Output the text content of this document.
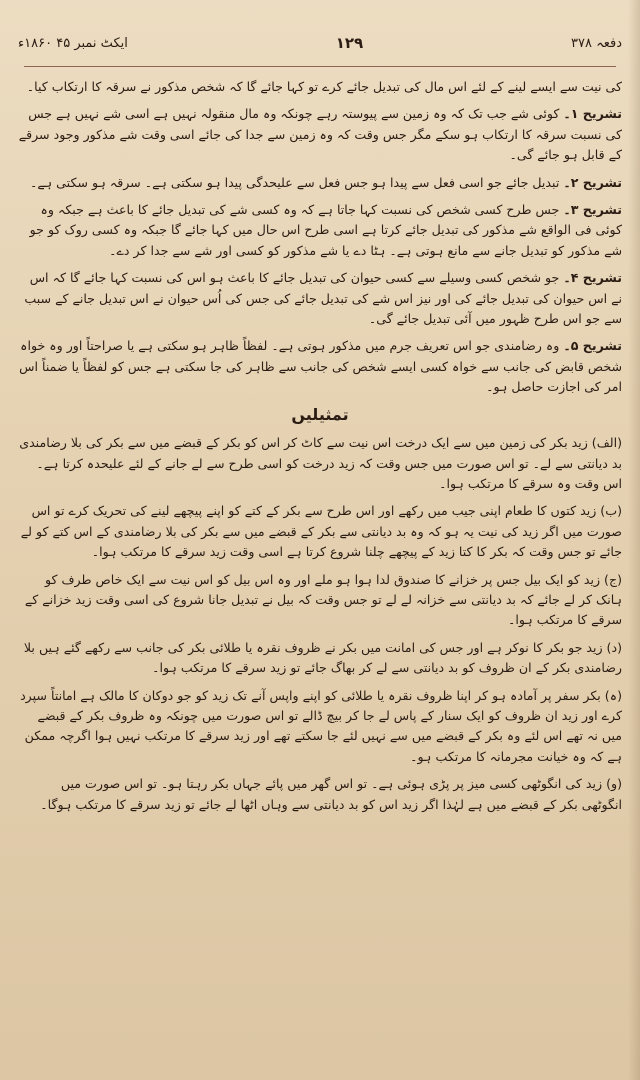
ایکٹ نمبر ۴۵ ۱۸۶۰ء	۱۲۹	دفعہ ۳۷۸

کی نیت سے ایسے لینے کے لئے اس مال کی تبدیل جائے کرے تو کہا جائے گا کہ شخص مذکور نے سرقہ کا ارتکاب کیا۔

تشریح ۱۔ کوئی شے جب تک کہ وہ زمین سے پیوستہ رہے چونکہ وہ مال منقولہ نہیں ہے اسی شے نہیں ہے جس کی نسبت سرقہ کا ارتکاب ہو سکے مگر جس وقت کہ وہ زمین سے جدا کی جائے اسی وقت شے مذکور وجود سرقے کے قابل ہو جائے گی۔

تشریح ۲۔ تبدیل جائے جو اسی فعل سے پیدا ہو جس فعل سے علیحدگی پیدا ہو سکتی ہے۔ سرقہ ہو سکتی ہے۔

تشریح ۳۔ جس طرح کسی شخص کی نسبت کہا جاتا ہے کہ وہ کسی شے کی تبدیل جائے کا باعث ہے جبکہ وہ کوئی فی الواقع شے مذکور کی تبدیل جائے کرتا ہے اسی طرح اس حال میں کہا جائے گا جبکہ وہ کسی روک کو جو شے مذکور کو تبدیل جانے سے مانع ہوتی ہے۔ ہٹا دے یا شے مذکور کو کسی اور شے سے جدا کر دے۔

تشریح ۴۔ جو شخص کسی وسیلے سے کسی حیوان کی تبدیل جائے کا باعث ہو اس کی نسبت کہا جائے گا کہ اس نے اس حیوان کی تبدیل جائے کی اور نیز اس شے کی تبدیل جائے کی جس کی اُس حیوان نے اس تبدیل جانے کے سبب سے جو اس طرح ظہور میں آئی تبدیل جائے گی۔

تشریح ۵۔ وہ رضامندی جو اس تعریف جرم میں مذکور ہوتی ہے۔ لفظاً ظاہر ہو سکتی ہے یا صراحتاً اور وہ خواہ شخص قابض کی جانب سے خواہ کسی ایسے شخص کی جانب سے ظاہر کی جا سکتی ہے جس کو لفظاً یا ضمناً اس امر کی اجازت حاصل ہو۔

تمثیلیں

(الف) زید بکر کی زمین میں سے ایک درخت اس نیت سے کاٹ کر اس کو بکر کے قبضے میں سے بکر کی بلا رضامندی بد دیانتی سے لے۔ تو اس صورت میں جس وقت کہ زید درخت کو اسی طرح سے لے جانے کے لئے علیحدہ کرتا ہے۔ اس وقت وہ سرقے کا مرتکب ہوا۔

(ب) زید کتوں کا طعام اپنی جیب میں رکھے اور اس طرح سے بکر کے کتے کو اپنے پیچھے لینے کی تحریک کرے تو اس صورت میں اگر زید کی نیت یہ ہو کہ وہ بد دیانتی سے بکر کے قبضے میں سے بکر کی بلا رضامندی کے اس کتے کو لے جائے تو جس وقت کہ بکر کا کتا زید کے پیچھے چلنا شروع کرتا ہے اسی وقت زید سرقے کا مرتکب ہوا۔

(ج) زید کو ایک بیل جس پر خزانے کا صندوق لدا ہوا ہو ملے اور وہ اس بیل کو اس نیت سے ایک خاص طرف کو ہانک کر لے جائے کہ بد دیانتی سے خزانہ لے لے تو جس وقت کہ بیل نے تبدیل جانا شروع کی اسی وقت زید خزانے کے سرقے کا مرتکب ہوا۔

(د) زید جو بکر کا نوکر ہے اور جس کی امانت میں بکر نے ظروف نقرہ یا طلائی بکر کی جانب سے رکھے گئے ہیں بلا رضامندی بکر کے ان ظروف کو بد دیانتی سے لے کر بھاگ جائے تو زید سرقے کا مرتکب ہوا۔

(ہ) بکر سفر پر آمادہ ہو کر اپنا ظروف نقرہ یا طلائی کو اپنے واپس آنے تک زید کو جو دوکان کا مالک ہے امانتاً سپرد کرے اور زید ان ظروف کو ایک سنار کے پاس لے جا کر بیچ ڈالے تو اس صورت میں چونکہ وہ ظروف بکر کے قبضے میں نہ تھے اس لئے وہ بکر کے قبضے میں سے نہیں لئے جا سکتے تھے اور زید سرقے کا مرتکب نہیں ہوا اگرچہ ممکن ہے کہ وہ خیانت مجرمانہ کا مرتکب ہو۔

(و) زید کی انگوٹھی کسی میز پر پڑی ہوئی ہے۔ تو اس گھر میں پائے جہاں بکر رہتا ہو۔ تو اس صورت میں انگوٹھی بکر کے قبضے میں ہے لہٰذا اگر زید اس کو بد دیانتی سے وہاں اٹھا لے جائے تو زید سرقے کا مرتکب ہوگا۔
